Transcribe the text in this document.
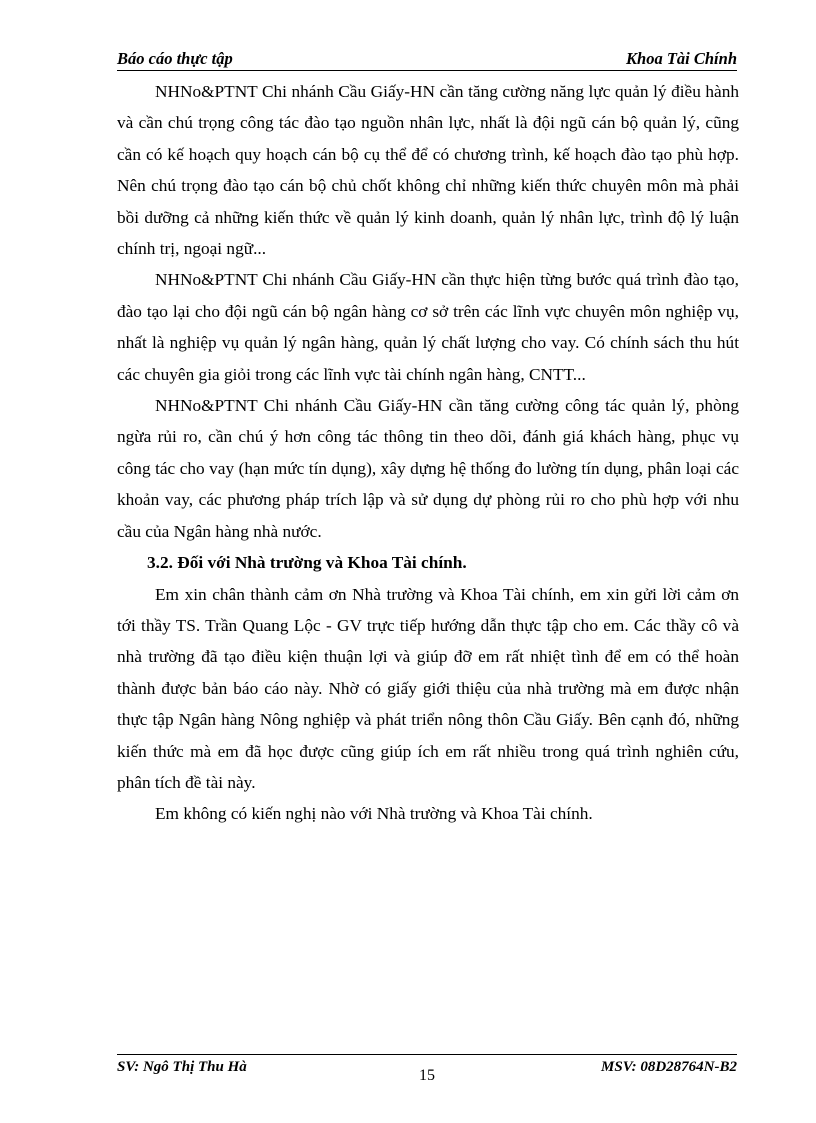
Báo cáo thực tập	Khoa Tài Chính

NHNo&PTNT Chi nhánh Cầu Giấy-HN cần tăng cường năng lực quản lý điều hành và cần chú trọng công tác đào tạo nguồn nhân lực, nhất là đội ngũ cán bộ quản lý, cũng cần có kế hoạch quy hoạch cán bộ cụ thể để có chương trình, kế hoạch đào tạo phù hợp. Nên chú trọng đào tạo cán bộ chủ chốt không chỉ những kiến thức chuyên môn mà phải bồi dưỡng cả những kiến thức về quản lý kinh doanh, quản lý nhân lực, trình độ lý luận chính trị, ngoại ngữ...

NHNo&PTNT Chi nhánh Cầu Giấy-HN cần thực hiện từng bước quá trình đào tạo, đào tạo lại cho đội ngũ cán bộ ngân hàng cơ sở trên các lĩnh vực chuyên môn nghiệp vụ, nhất là nghiệp vụ quản lý ngân hàng, quản lý chất lượng cho vay. Có chính sách thu hút các chuyên gia giỏi trong các lĩnh vực tài chính ngân hàng, CNTT...

NHNo&PTNT Chi nhánh Cầu Giấy-HN cần tăng cường công tác quản lý, phòng ngừa rủi ro, cần chú ý hơn công tác thông tin theo dõi, đánh giá khách hàng, phục vụ công tác cho vay (hạn mức tín dụng), xây dựng hệ thống đo lường tín dụng, phân loại các khoản vay, các phương pháp trích lập và sử dụng dự phòng rủi ro cho phù hợp với nhu cầu của Ngân hàng nhà nước.

3.2. Đối với Nhà trường và Khoa Tài chính.

Em xin chân thành cảm ơn Nhà trường và Khoa Tài chính, em xin gửi lời cảm ơn tới thầy TS. Trần Quang Lộc - GV trực tiếp hướng dẫn thực tập cho em. Các thầy cô và nhà trường đã tạo điều kiện thuận lợi và giúp đỡ em rất nhiệt tình để em có thể hoàn thành được bản báo cáo này. Nhờ có giấy giới thiệu của nhà trường mà em được nhận thực tập Ngân hàng Nông nghiệp và phát triển nông thôn Cầu Giấy. Bên cạnh đó, những kiến thức mà em đã học được cũng giúp ích em rất nhiều trong quá trình nghiên cứu, phân tích đề tài này.

Em không có kiến nghị nào với Nhà trường và Khoa Tài chính.

SV: Ngô Thị Thu Hà	15	MSV: 08D28764N-B2
